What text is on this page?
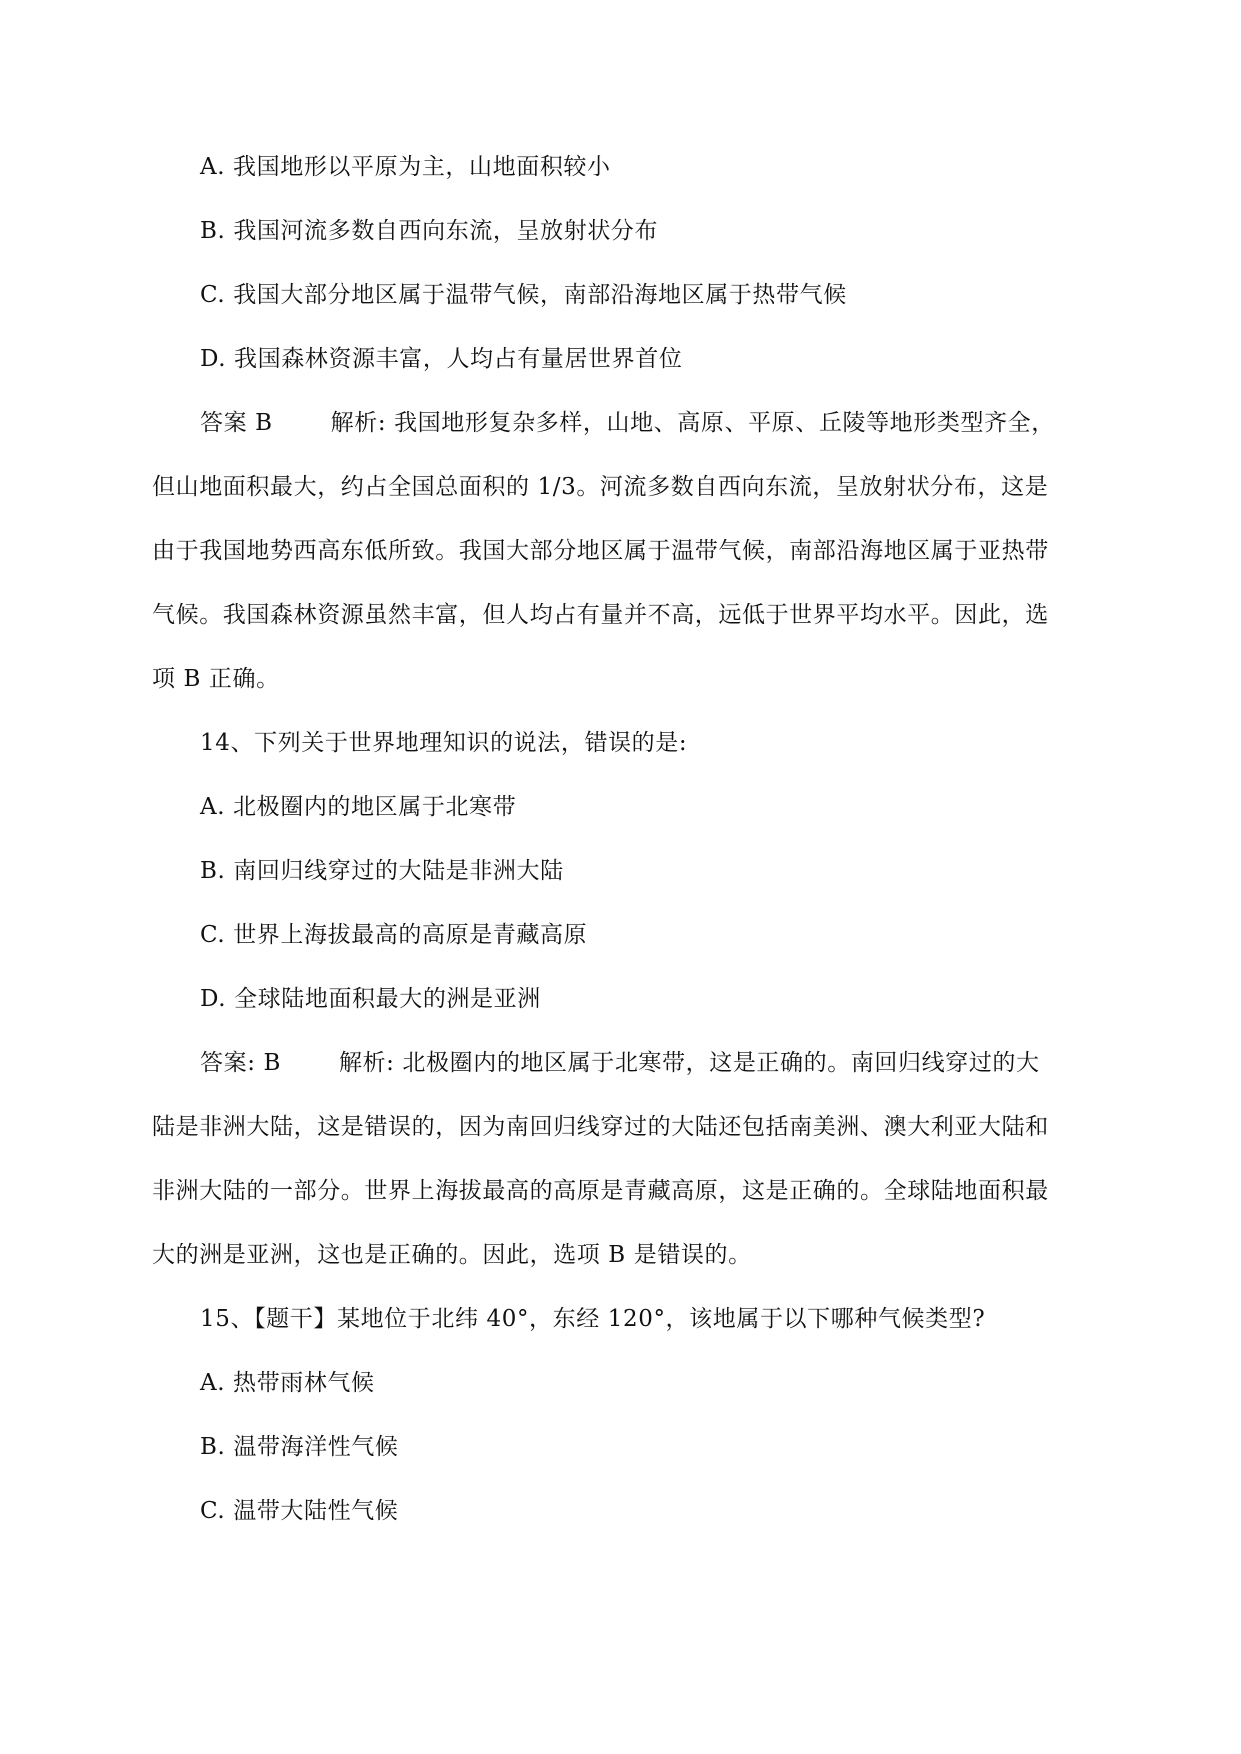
A. 我国地形以平原为主，山地面积较小
B. 我国河流多数自西向东流，呈放射状分布
C. 我国大部分地区属于温带气候，南部沿海地区属于热带气候
D. 我国森林资源丰富，人均占有量居世界首位
答案 B	解析: 我国地形复杂多样，山地、高原、平原、丘陵等地形类型齐全，
但山地面积最大，约占全国总面积的 1/3。河流多数自西向东流，呈放射状分布，这是
由于我国地势西高东低所致。我国大部分地区属于温带气候，南部沿海地区属于亚热带
气候。我国森林资源虽然丰富，但人均占有量并不高，远低于世界平均水平。因此，选
项 B 正确。
14、下列关于世界地理知识的说法，错误的是:
A. 北极圈内的地区属于北寒带
B. 南回归线穿过的大陆是非洲大陆
C. 世界上海拔最高的高原是青藏高原
D. 全球陆地面积最大的洲是亚洲
答案: B	解析: 北极圈内的地区属于北寒带，这是正确的。南回归线穿过的大
陆是非洲大陆，这是错误的，因为南回归线穿过的大陆还包括南美洲、澳大利亚大陆和
非洲大陆的一部分。世界上海拔最高的高原是青藏高原，这是正确的。全球陆地面积最
大的洲是亚洲，这也是正确的。因此，选项 B 是错误的。
15、【题干】某地位于北纬 40°，东经 120°，该地属于以下哪种气候类型?
A. 热带雨林气候
B. 温带海洋性气候
C. 温带大陆性气候
